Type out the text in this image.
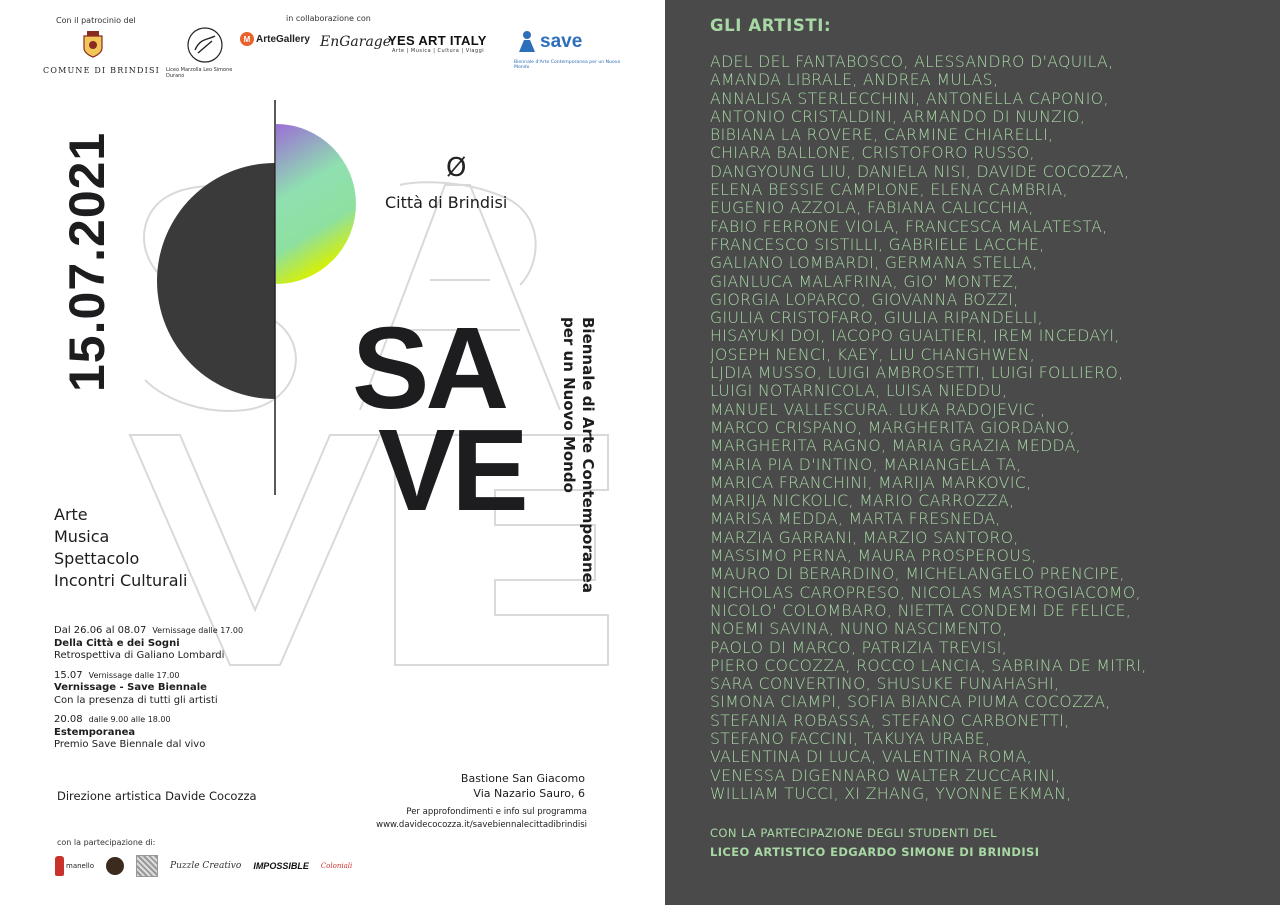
Con il patrocinio del
COMUNE DI BRINDISI
in collaborazione con
Liceo Marzolla Leo Simone Durano
M ArteGallery EnGarage
YES ART ITALY
Arte | Musica | Cultura | Viaggi	save
Biennale d'Arte Contemporanea per un Nuovo Mondo
15.07.2021	Ø
Città di Brindisi
SA
VE	Biennale di Arte Contemporanea
per un Nuovo Mondo
Arte
Musica
Spettacolo
Incontri Culturali
Dal 26.06 al 08.07 Vernissage dalle 17.00
Della Città e dei Sogni
Retrospettiva di Galiano Lombardi
15.07 Vernissage dalle 17.00
Vernissage - Save Biennale
Con la presenza di tutti gli artisti
20.08 dalle 9.00 alle 18.00
Estemporanea
Premio Save Biennale dal vivo
Direzione artistica Davide Cocozza
Bastione San Giacomo
Via Nazario Sauro, 6
Per approfondimenti e info sul programma
www.davidecocozza.it/savebiennalecittadibrindisi
con la partecipazione di:
manello	Puzzle Creativo IMPOSSIBLE Coloniali
GLI ARTISTI:
ADEL DEL FANTABOSCO, ALESSANDRO D'AQUILA,
AMANDA LIBRALE, ANDREA MULAS,
ANNALISA STERLECCHINI, ANTONELLA CAPONIO,
ANTONIO CRISTALDINI, ARMANDO DI NUNZIO,
BIBIANA LA ROVERE, CARMINE CHIARELLI,
CHIARA BALLONE, CRISTOFORO RUSSO,
DANGYOUNG LIU, DANIELA NISI, DAVIDE COCOZZA,
ELENA BESSIE CAMPLONE, ELENA CAMBRIA,
EUGENIO AZZOLA, FABIANA CALICCHIA,
FABIO FERRONE VIOLA, FRANCESCA MALATESTA,
FRANCESCO SISTILLI, GABRIELE LACCHE,
GALIANO LOMBARDI, GERMANA STELLA,
GIANLUCA MALAFRINA, GIO' MONTEZ,
GIORGIA LOPARCO, GIOVANNA BOZZI,
GIULIA CRISTOFARO, GIULIA RIPANDELLI,
HISAYUKI DOI, IACOPO GUALTIERI, IREM INCEDAYI,
JOSEPH NENCI, KAEY, LIU CHANGHWEN,
LJDIA MUSSO, LUIGI AMBROSETTI, LUIGI FOLLIERO,
LUIGI NOTARNICOLA, LUISA NIEDDU,
MANUEL VALLESCURA. LUKA RADOJEVIC ,
MARCO CRISPANO, MARGHERITA GIORDANO,
MARGHERITA RAGNO, MARIA GRAZIA MEDDA,
MARIA PIA D'INTINO, MARIANGELA TA,
MARICA FRANCHINI, MARIJA MARKOVIC,
MARIJA NICKOLIC, MARIO CARROZZA,
MARISA MEDDA, MARTA FRESNEDA,
MARZIA GARRANI, MARZIO SANTORO,
MASSIMO PERNA, MAURA PROSPEROUS,
MAURO DI BERARDINO, MICHELANGELO PRENCIPE,
NICHOLAS CAROPRESO, NICOLAS MASTROGIACOMO,
NICOLO' COLOMBARO, NIETTA CONDEMI DE FELICE,
NOEMI SAVINA, NUNO NASCIMENTO,
PAOLO DI MARCO, PATRIZIA TREVISI,
PIERO COCOZZA, ROCCO LANCIA, SABRINA DE MITRI,
SARA CONVERTINO, SHUSUKE FUNAHASHI,
SIMONA CIAMPI, SOFIA BIANCA PIUMA COCOZZA,
STEFANIA ROBASSA, STEFANO CARBONETTI,
STEFANO FACCINI, TAKUYA URABE,
VALENTINA DI LUCA, VALENTINA ROMA,
VENESSA DIGENNARO WALTER ZUCCARINI,
WILLIAM TUCCI, XI ZHANG, YVONNE EKMAN,
CON LA PARTECIPAZIONE DEGLI STUDENTI DEL
LICEO ARTISTICO EDGARDO SIMONE DI BRINDISI
